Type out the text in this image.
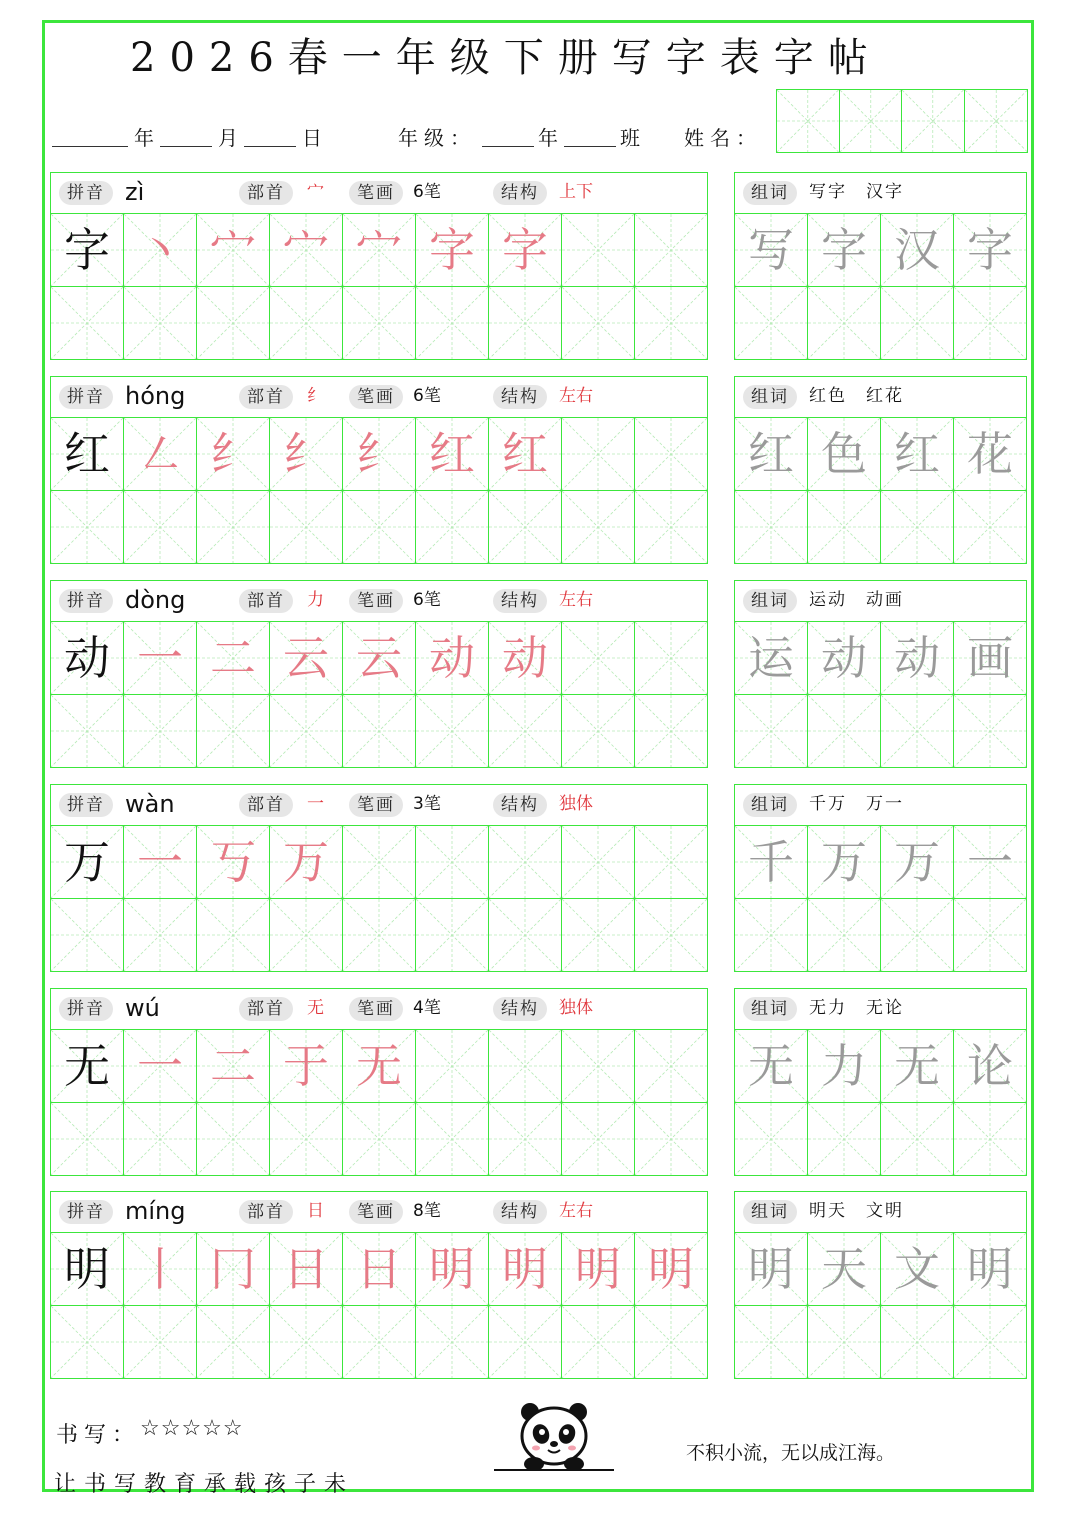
2026春一年级下册写字表字帖
年	月	日	年级：	年	班 姓名：
拼音 zì	部首	宀	笔画	6笔	结构	上下
字 丶 宀 宀 宀 字 字
组词	写字　汉字
写 字 汉 字
拼音 hóng	部首	纟	笔画	6笔	结构	左右
红 ㇜ 纟 纟 纟 红 红
组词	红色　红花
红 色 红 花
拼音 dòng	部首	力	笔画	6笔	结构	左右
动 一 二 云 云 动 动
组词	运动　动画
运 动 动 画
拼音 wàn	部首	一	笔画	3笔	结构	独体
万 一 丂 万
组词	千万　万一
千 万 万 一
拼音 wú	部首	无	笔画	4笔	结构	独体
无 一 二 于 无
组词	无力　无论
无 力 无 论
拼音 míng	部首	日	笔画	8笔	结构	左右
明 丨 冂 日 日 明 明 明 明
组词	明天　文明
明 天 文 明
书写： ☆☆☆☆☆
让书写教育承载孩子未
不积小流，无以成江海。
